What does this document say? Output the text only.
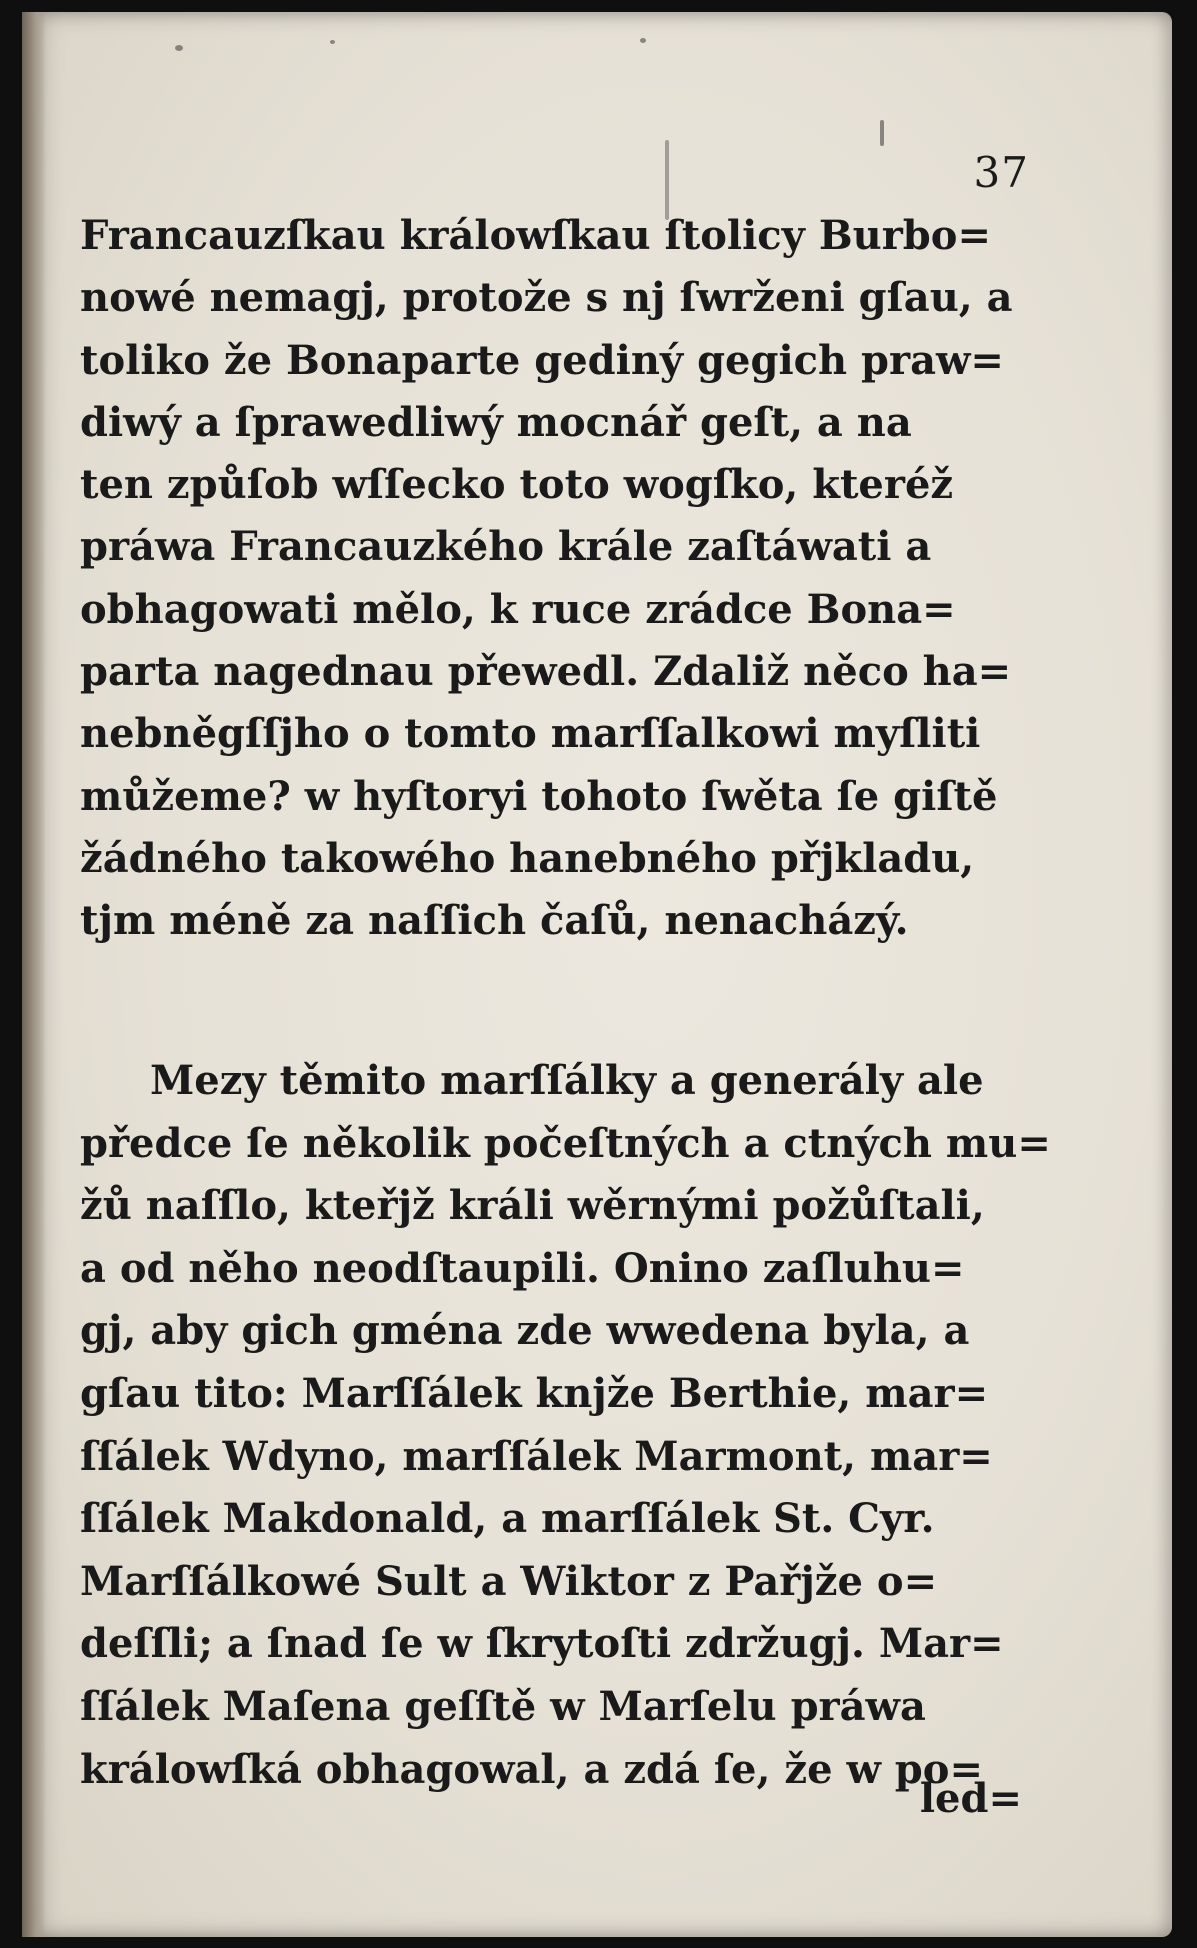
37
Francauzſkau králowſkau ſtolicy Burbo=
nowé nemagj, protože s nj ſwrženi gſau, a
toliko že Bonaparte gediný gegich praw=
diwý a ſprawedliwý mocnář geſt, a na
ten způſob wſſecko toto wogſko, kteréž
práwa Francauzkého krále zaſtáwati a
obhagowati mělo, k ruce zrádce Bona=
parta nagednau přewedl. Zdaliž něco ha=
nebněgſſjho o tomto marſſalkowi myſliti
můžeme? w hyſtoryi tohoto ſwěta ſe giſtě
žádného takowého hanebného přjkladu,
tjm méně za naſſich čaſů, nenacházý.
Mezy těmito marſſálky a generály ale
předce ſe několik počeſtných a ctných mu=
žů naſſlo, kteřjž králi wěrnými požůſtali,
a od něho neodſtaupili. Onino zaſluhu=
gj, aby gich gména zde wwedena byla, a
gſau tito: Marſſálek knjže Berthie, mar=
ſſálek Wdyno, marſſálek Marmont, mar=
ſſálek Makdonald, a marſſálek St. Cyr.
Marſſálkowé Sult a Wiktor z Pařjže o=
deſſli; a ſnad ſe w ſkrytoſti zdržugj. Mar=
ſſálek Maſena geſſtě w Marſelu práwa
králowſká obhagowal, a zdá ſe, že w po=
led=
